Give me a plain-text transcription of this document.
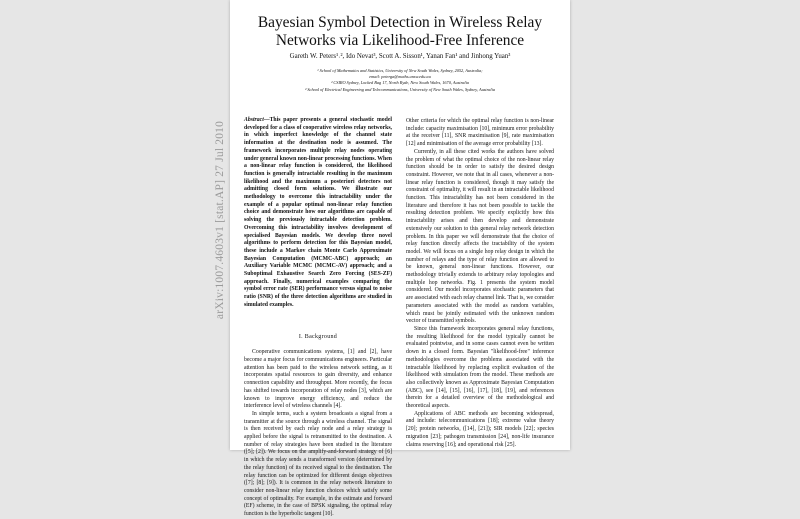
arXiv:1007.4603v1 [stat.AP] 27 Jul 2010
Bayesian Symbol Detection in Wireless Relay Networks via Likelihood-Free Inference
Gareth W. Peters¹˒², Ido Nevat³, Scott A. Sisson¹, Yanan Fan¹ and Jinhong Yuan³
¹ School of Mathematics and Statistics, University of New South Wales, Sydney, 2052, Australia;
email: peterga@maths.unsw.edu.au
² CSIRO Sydney, Locked Bag 17, North Ryde, New South Wales, 1670, Australia
³ School of Electrical Engineering and Telecommunications, University of New South Wales, Sydney, Australia
Abstract—This paper presents a general stochastic model developed for a class of cooperative wireless relay networks, in which imperfect knowledge of the channel state information at the destination node is assumed. The framework incorporates multiple relay nodes operating under general known non-linear processing functions. When a non-linear relay function is considered, the likelihood function is generally intractable resulting in the maximum likelihood and the maximum a posteriori detectors not admitting closed form solutions. We illustrate our methodology to overcome this intractability under the example of a popular optimal non-linear relay function choice and demonstrate how our algorithms are capable of solving the previously intractable detection problem. Overcoming this intractability involves development of specialised Bayesian models. We develop three novel algorithms to perform detection for this Bayesian model, these include a Markov chain Monte Carlo Approximate Bayesian Computation (MCMC-ABC) approach; an Auxiliary Variable MCMC (MCMC-AV) approach; and a Suboptimal Exhaustive Search Zero Forcing (SES-ZF) approach. Finally, numerical examples comparing the symbol error rate (SER) performance versus signal to noise ratio (SNR) of the three detection algorithms are studied in simulated examples.
I. Background

Cooperative communications systems, [1] and [2], have become a major focus for communications engineers. Particular attention has been paid to the wireless network setting, as it incorporates spatial resources to gain diversity, and enhance connection capability and throughput. More recently, the focus has shifted towards incorporation of relay nodes [3], which are known to improve energy efficiency, and reduce the interference level of wireless channels [4].

In simple terms, such a system broadcasts a signal from a transmitter at the source through a wireless channel. The signal is then received by each relay node and a relay strategy is applied before the signal is retransmitted to the destination. A number of relay strategies have been studied in the literature ([5]; [2]). We focus on the amplify-and-forward strategy of [6] in which the relay sends a transformed version (determined by the relay function) of its received signal to the destination. The relay function can be optimized for different design objectives ([7]; [8]; [9]). It is common in the relay network literature to consider non-linear relay function choices which satisfy some concept of optimality. For example, in the estimate and forward (EF) scheme, in the case of BPSK signaling, the optimal relay function is the hyperbolic tangent [10].

Other criteria for which the optimal relay function is non-linear include: capacity maximisation [10], minimum error probability at the receiver [11], SNR maximisation [9], rate maximisation [12] and minimisation of the average error probability [13].

Currently, in all these cited works the authors have solved the problem of what the optimal choice of the non-linear relay function should be in order to satisfy the desired design constraint. However, we note that in all cases, whenever a non-linear relay function is considered, though it may satisfy the constraint of optimality, it will result in an intractable likelihood function. This intractability has not been considered in the literature and therefore it has not been possible to tackle the resulting detection problem. We specify explicitly how this intractability arises and then develop and demonstrate extensively our solution to this general relay network detection problem. In this paper we will demonstrate that the choice of relay function directly affects the tractability of the system model. We will focus on a single hop relay design in which the number of relays and the type of relay function are allowed to be known, general non-linear functions. However, our methodology trivially extends to arbitrary relay topologies and multiple hop networks. Fig. 1 presents the system model considered. Our model incorporates stochastic parameters that are associated with each relay channel link. That is, we consider parameters associated with the model as random variables, which must be jointly estimated with the unknown random vector of transmitted symbols.

Since this framework incorporates general relay functions, the resulting likelihood for the model typically cannot be evaluated pointwise, and in some cases cannot even be written down in a closed form. Bayesian "likelihood-free" inference methodologies overcome the problems associated with the intractable likelihood by replacing explicit evaluation of the likelihood with simulation from the model. These methods are also collectively known as Approximate Bayesian Computation (ABC), see [14], [15], [16], [17], [18], [19], and references therein for a detailed overview of the methodological and theoretical aspects.

Applications of ABC methods are becoming widespread, and include: telecommunications [18]; extreme value theory [20]; protein networks, ([14], [21]); SIR models [22]; species migration [23]; pathogen transmission [24], non-life insurance claims reserving [16]; and operational risk [25].
